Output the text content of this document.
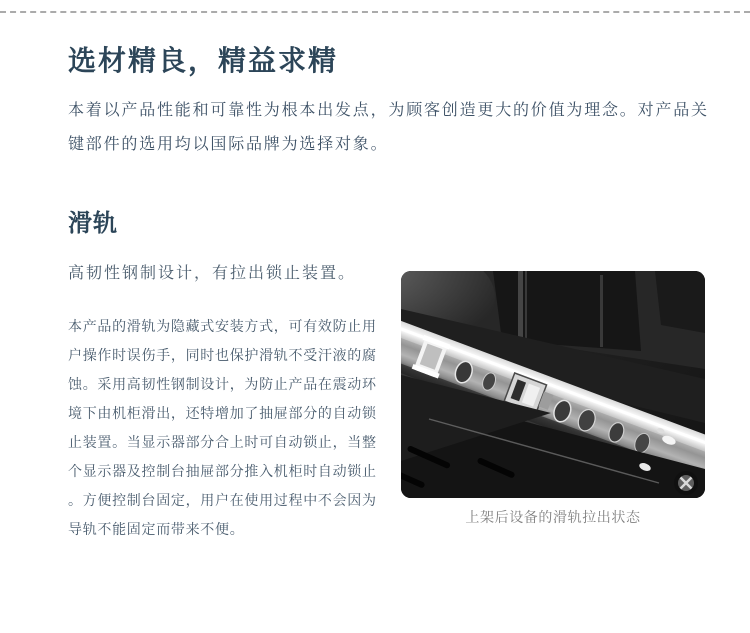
选材精良，精益求精

本着以产品性能和可靠性为根本出发点，为顾客创造更大的价值为理念。对产品关键部件的选用均以国际品牌为选择对象。

滑轨

高韧性钢制设计，有拉出锁止装置。

本产品的滑轨为隐藏式安装方式，可有效防止用户操作时误伤手，同时也保护滑轨不受汗液的腐蚀。采用高韧性钢制设计，为防止产品在震动环境下由机柜滑出，还特增加了抽屉部分的自动锁止装置。当显示器部分合上时可自动锁止，当整个显示器及控制台抽屉部分推入机柜时自动锁止。方便控制台固定，用户在使用过程中不会因为导轨不能固定而带来不便。

上架后设备的滑轨拉出状态
